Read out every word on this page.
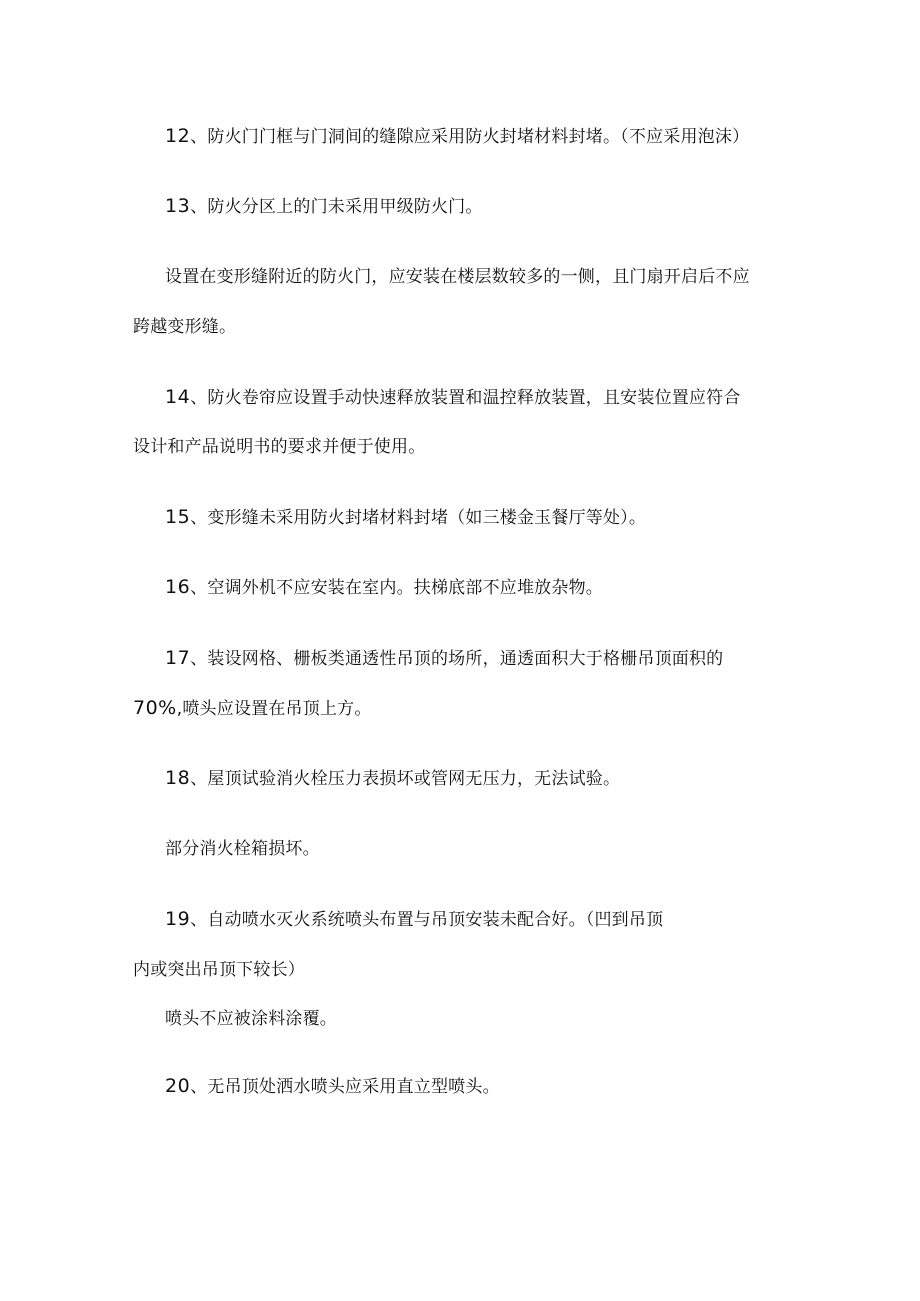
12、防火门门框与门洞间的缝隙应采用防火封堵材料封堵。（不应采用泡沫）
13、防火分区上的门未采用甲级防火门。
设置在变形缝附近的防火门，应安装在楼层数较多的一侧，且门扇开启后不应
跨越变形缝。
14、防火卷帘应设置手动快速释放装置和温控释放装置，且安装位置应符合
设计和产品说明书的要求并便于使用。
15、变形缝未采用防火封堵材料封堵（如三楼金玉餐厅等处）。
16、空调外机不应安装在室内。扶梯底部不应堆放杂物。
17、装设网格、栅板类通透性吊顶的场所，通透面积大于格栅吊顶面积的
70%,喷头应设置在吊顶上方。
18、屋顶试验消火栓压力表损坏或管网无压力，无法试验。
部分消火栓箱损坏。
19、自动喷水灭火系统喷头布置与吊顶安装未配合好。（凹到吊顶
内或突出吊顶下较长）
喷头不应被涂料涂覆。
20、无吊顶处洒水喷头应采用直立型喷头。
